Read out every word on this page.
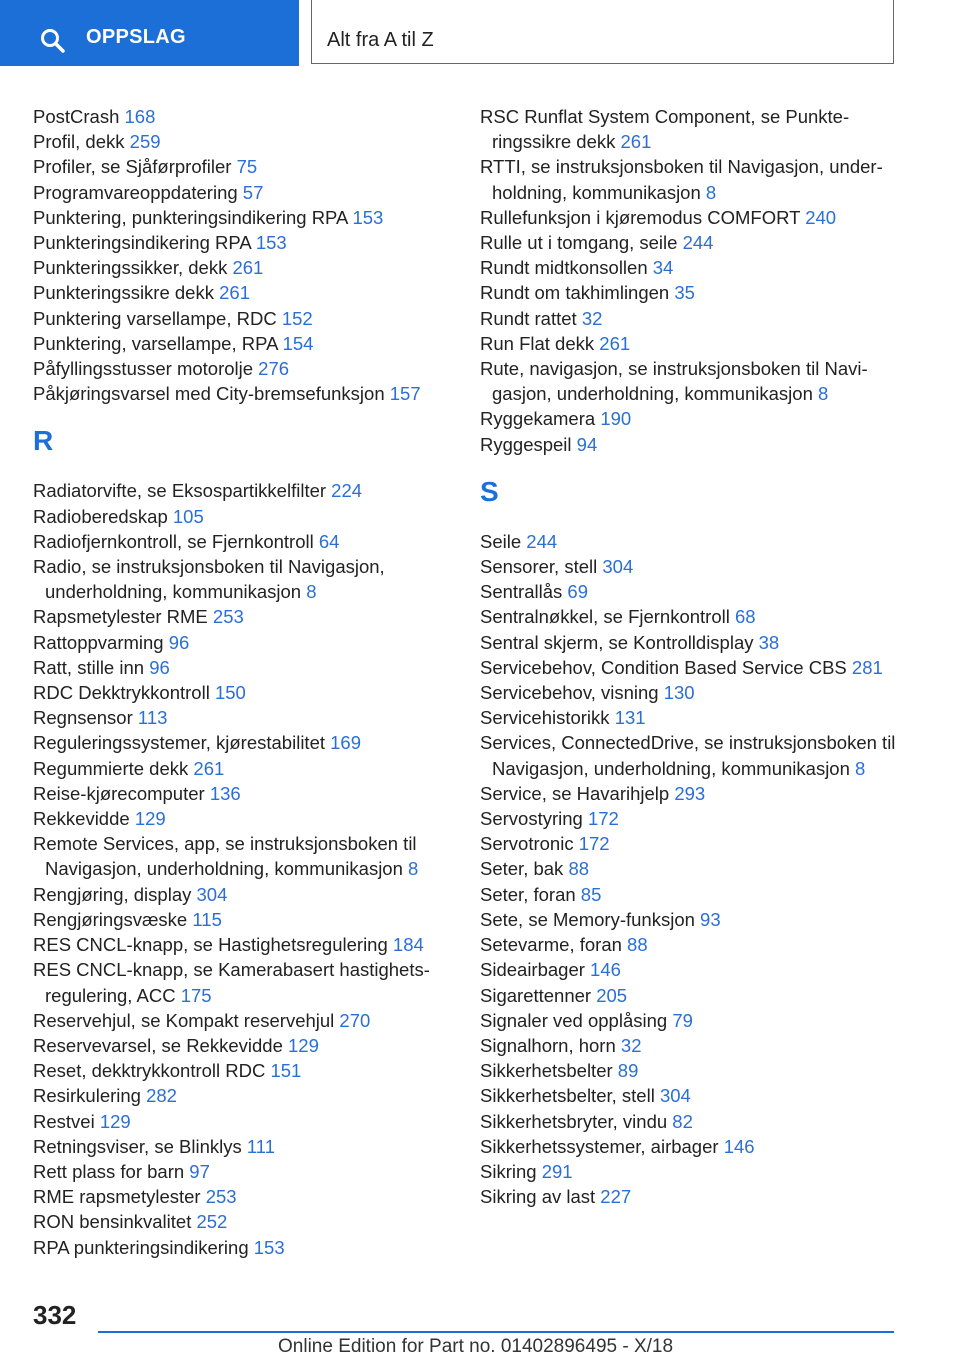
OPPSLAG	Alt fra A til Z
PostCrash 168
Profil, dekk 259
Profiler, se Sjåførprofiler 75
Programvareoppdatering 57
Punktering, punkteringsindikering RPA 153
Punkteringsindikering RPA 153
Punkteringssikker, dekk 261
Punkteringssikre dekk 261
Punktering varsellampe, RDC 152
Punktering, varsellampe, RPA 154
Påfyllingsstusser motorolje 276
Påkjøringsvarsel med City-bremsefunksjon 157
R
Radiatorvifte, se Eksospartikkelfilter 224
Radioberedskap 105
Radiofjernkontroll, se Fjernkontroll 64
Radio, se instruksjonsboken til Navigasjon, underholdning, kommunikasjon 8
Rapsmetylester RME 253
Rattoppvarming 96
Ratt, stille inn 96
RDC Dekktrykkontroll 150
Regnsensor 113
Reguleringssystemer, kjørestabilitet 169
Regummierte dekk 261
Reise-kjørecomputer 136
Rekkevidde 129
Remote Services, app, se instruksjonsboken til Navigasjon, underholdning, kommunikasjon 8
Rengjøring, display 304
Rengjøringsvæske 115
RES CNCL-knapp, se Hastighetsregulering 184
RES CNCL-knapp, se Kamerabasert hastighetsregulering, ACC 175
Reservehjul, se Kompakt reservehjul 270
Reservevarsel, se Rekkevidde 129
Reset, dekktrykkontroll RDC 151
Resirkulering 282
Restvei 129
Retningsviser, se Blinklys 111
Rett plass for barn 97
RME rapsmetylester 253
RON bensinkvalitet 252
RPA punkteringsindikering 153
RSC Runflat System Component, se Punkteringssikre dekk 261
RTTI, se instruksjonsboken til Navigasjon, underholdning, kommunikasjon 8
Rullefunksjon i kjøremodus COMFORT 240
Rulle ut i tomgang, seile 244
Rundt midtkonsollen 34
Rundt om takhimlingen 35
Rundt rattet 32
Run Flat dekk 261
Rute, navigasjon, se instruksjonsboken til Navigasjon, underholdning, kommunikasjon 8
Ryggekamera 190
Ryggespeil 94
S
Seile 244
Sensorer, stell 304
Sentrallås 69
Sentralnøkkel, se Fjernkontroll 68
Sentral skjerm, se Kontrolldisplay 38
Servicebehov, Condition Based Service CBS 281
Servicebehov, visning 130
Servicehistorikk 131
Services, ConnectedDrive, se instruksjonsboken til Navigasjon, underholdning, kommunikasjon 8
Service, se Havarihjelp 293
Servostyring 172
Servotronic 172
Seter, bak 88
Seter, foran 85
Sete, se Memory-funksjon 93
Setevarme, foran 88
Sideairbager 146
Sigarettenner 205
Signaler ved opplåsing 79
Signalhorn, horn 32
Sikkerhetsbelter 89
Sikkerhetsbelter, stell 304
Sikkerhetsbryter, vindu 82
Sikkerhetssystemer, airbager 146
Sikring 291
Sikring av last 227
332
Online Edition for Part no. 01402896495 - X/18
